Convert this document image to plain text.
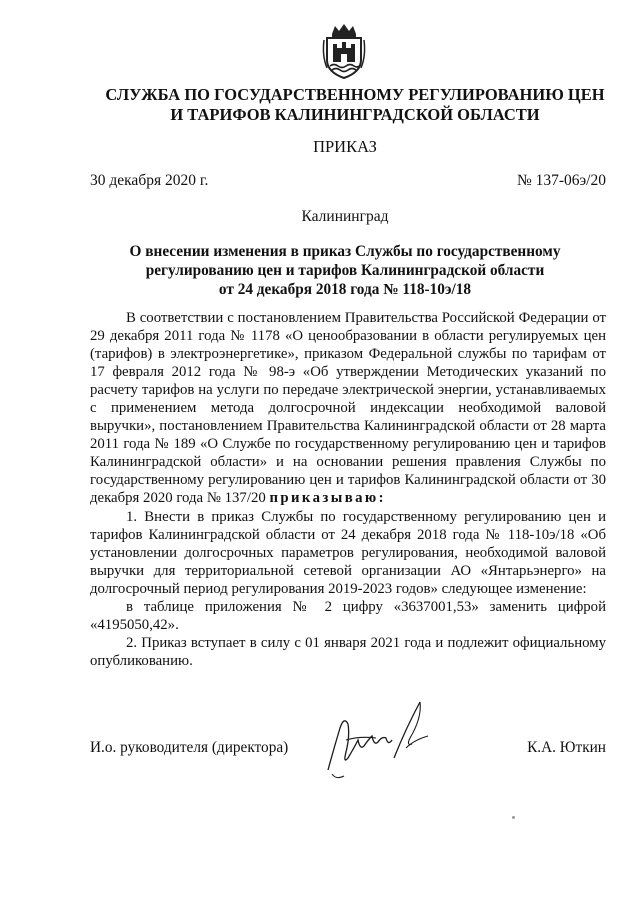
СЛУЖБА ПО ГОСУДАРСТВЕННОМУ РЕГУЛИРОВАНИЮ ЦЕН
И ТАРИФОВ КАЛИНИНГРАДСКОЙ ОБЛАСТИ
ПРИКАЗ
30 декабря 2020 г.	№ 137-06э/20
Калининград
О внесении изменения в приказ Службы по государственному
регулированию цен и тарифов Калининградской области
от 24 декабря 2018 года № 118-10э/18

В соответствии с постановлением Правительства Российской Федерации от 29 декабря 2011 года № 1178 «О ценообразовании в области регулируемых цен (тарифов) в электроэнергетике», приказом Федеральной службы по тарифам от 17 февраля 2012 года № 98-э «Об утверждении Методических указаний по расчету тарифов на услуги по передаче электрической энергии, устанавливаемых с применением метода долгосрочной индексации необходимой валовой выручки», постановлением Правительства Калининградской области от 28 марта 2011 года № 189 «О Службе по государственному регулированию цен и тарифов Калининградской области» и на основании решения правления Службы по государственному регулированию цен и тарифов Калининградской области от 30 декабря 2020 года № 137/20 приказываю:

1. Внести в приказ Службы по государственному регулированию цен и тарифов Калининградской области от 24 декабря 2018 года № 118-10э/18 «Об установлении долгосрочных параметров регулирования, необходимой валовой выручки для территориальной сетевой организации АО «Янтарьэнерго» на долгосрочный период регулирования 2019-2023 годов» следующее изменение:

в таблице приложения № 2 цифру «3637001,53» заменить цифрой «4195050,42».

2. Приказ вступает в силу с 01 января 2021 года и подлежит официальному опубликованию.

И.о. руководителя (директора)	К.А. Юткин
